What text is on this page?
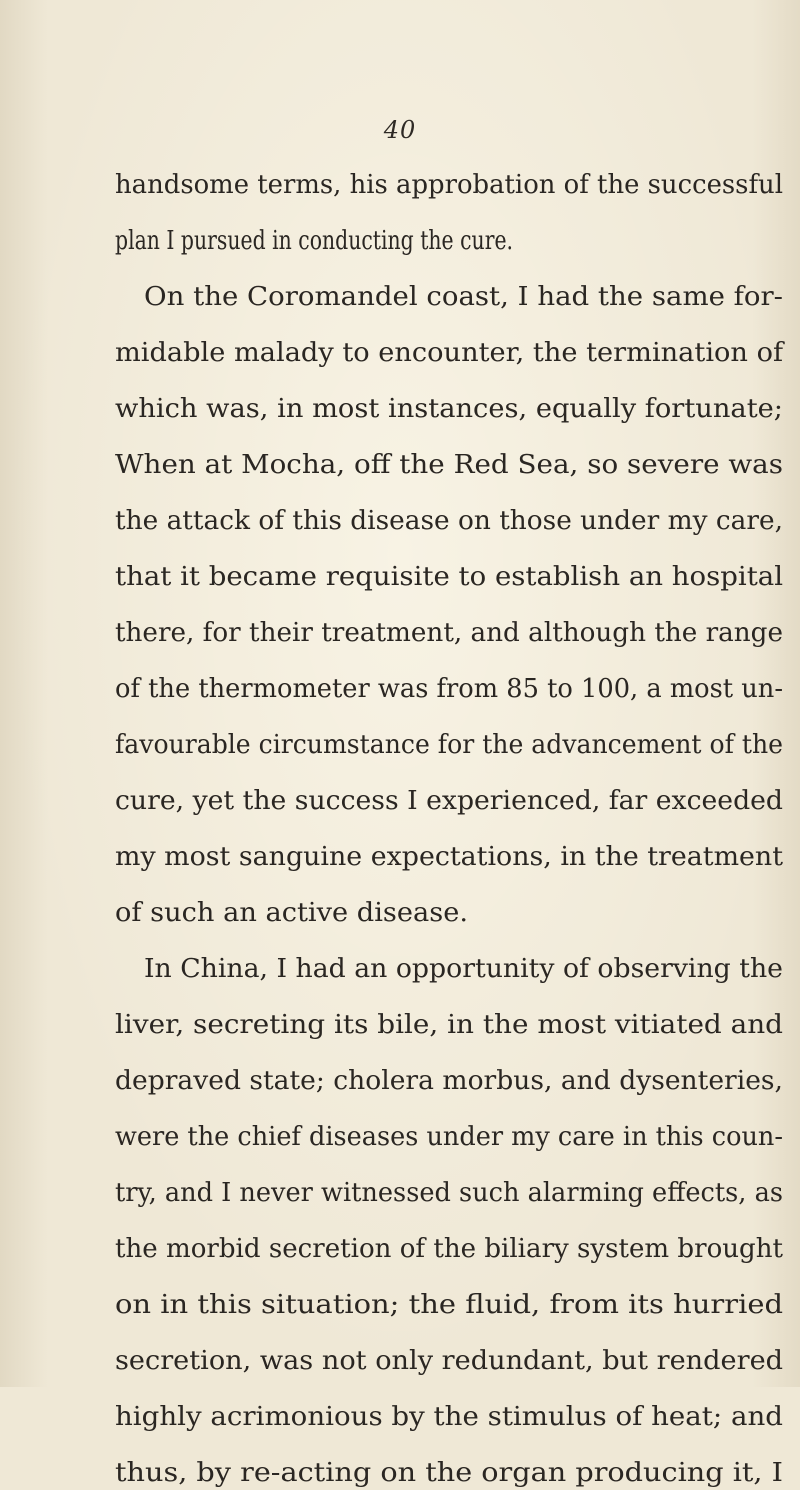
40
handsome terms, his approbation of the successful
plan I pursued in conducting the cure.
On the Coromandel coast, I had the same for-
midable malady to encounter, the termination of
which was, in most instances, equally fortunate;
When at Mocha, off the Red Sea, so severe was
the attack of this disease on those under my care,
that it became requisite to establish an hospital
there, for their treatment, and although the range
of the thermometer was from 85 to 100, a most un-
favourable circumstance for the advancement of the
cure, yet the success I experienced, far exceeded
my most sanguine expectations, in the treatment
of such an active disease.
In China, I had an opportunity of observing the
liver, secreting its bile, in the most vitiated and
depraved state; cholera morbus, and dysenteries,
were the chief diseases under my care in this coun-
try, and I never witnessed such alarming effects, as
the morbid secretion of the biliary system brought
on in this situation; the fluid, from its hurried
secretion, was not only redundant, but rendered
highly acrimonious by the stimulus of heat; and
thus, by re-acting on the organ producing it, I
